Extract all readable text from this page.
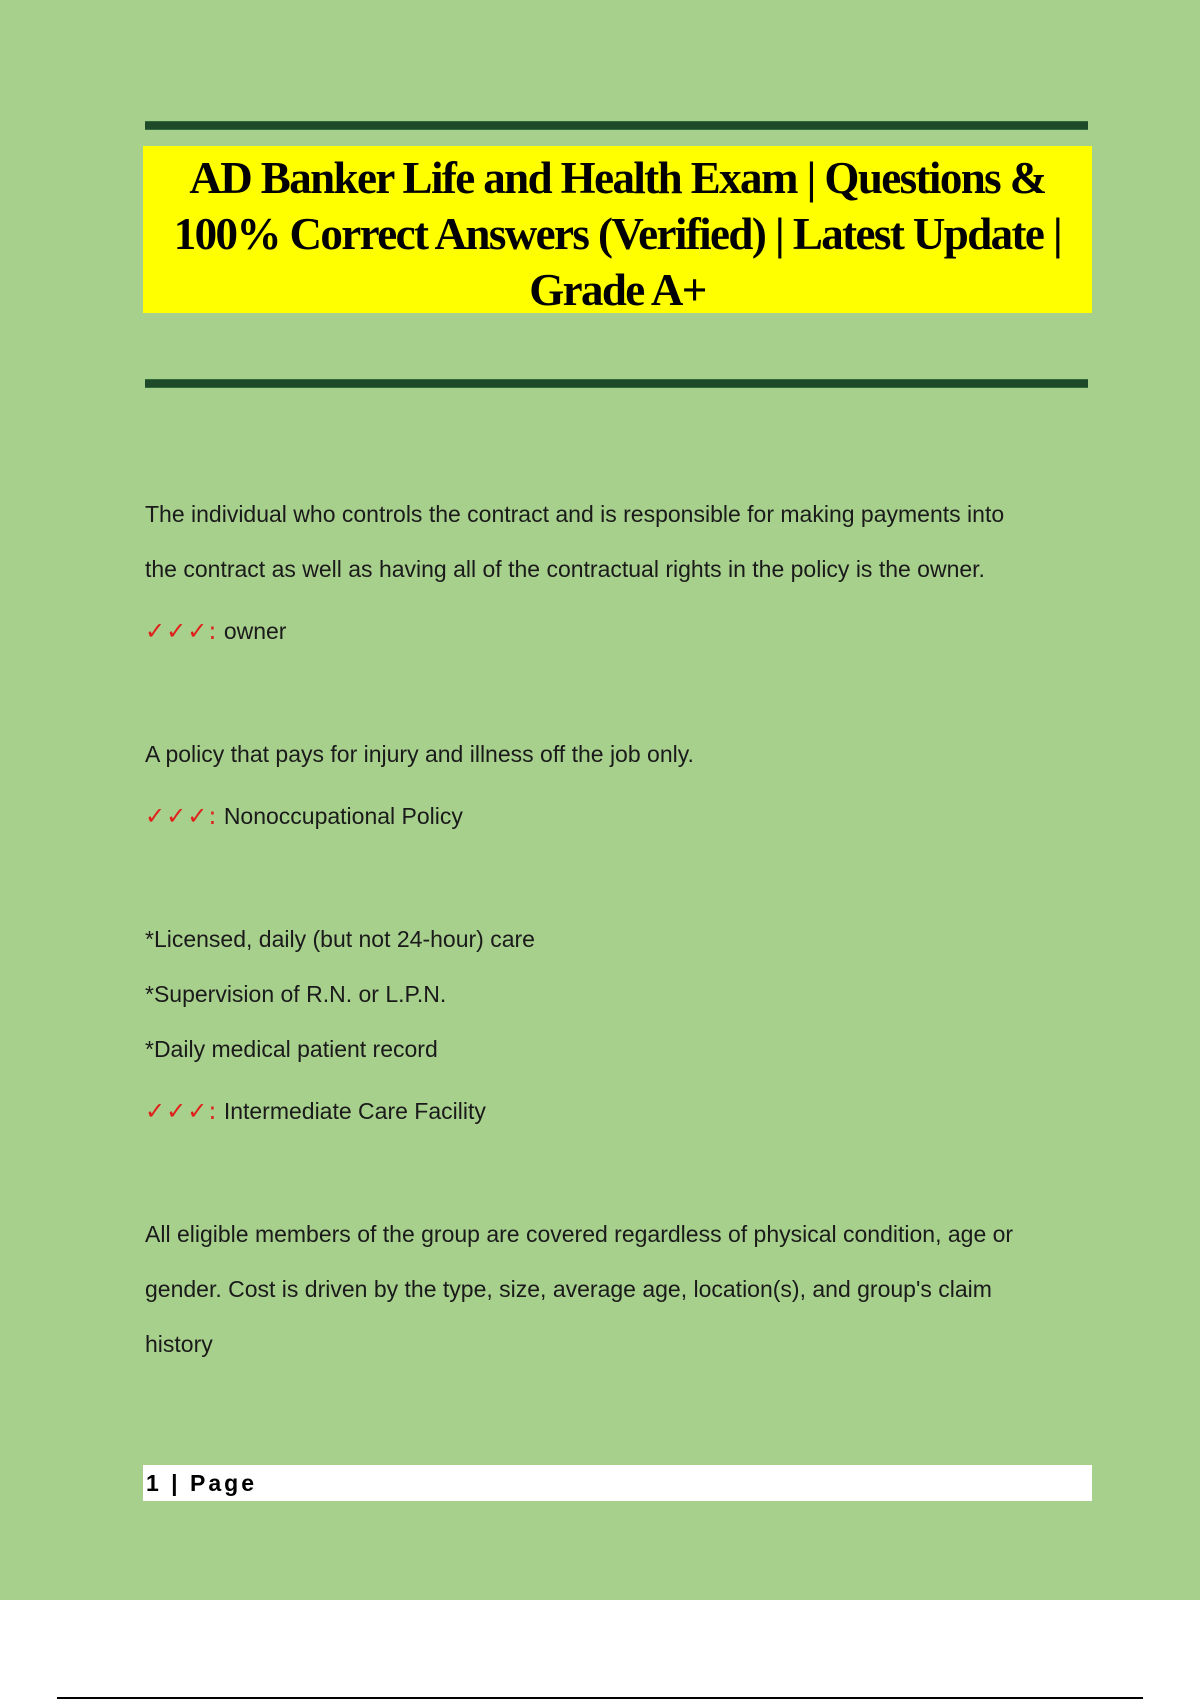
AD Banker Life and Health Exam | Questions & 100% Correct Answers (Verified) | Latest Update | Grade A+

The individual who controls the contract and is responsible for making payments into

the contract as well as having all of the contractual rights in the policy is the owner.

✓✓✓: owner

A policy that pays for injury and illness off the job only.

✓✓✓: Nonoccupational Policy

*Licensed, daily (but not 24-hour) care

*Supervision of R.N. or L.P.N.

*Daily medical patient record

✓✓✓: Intermediate Care Facility

All eligible members of the group are covered regardless of physical condition, age or

gender. Cost is driven by the type, size, average age, location(s), and group's claim

history

1 | Page
